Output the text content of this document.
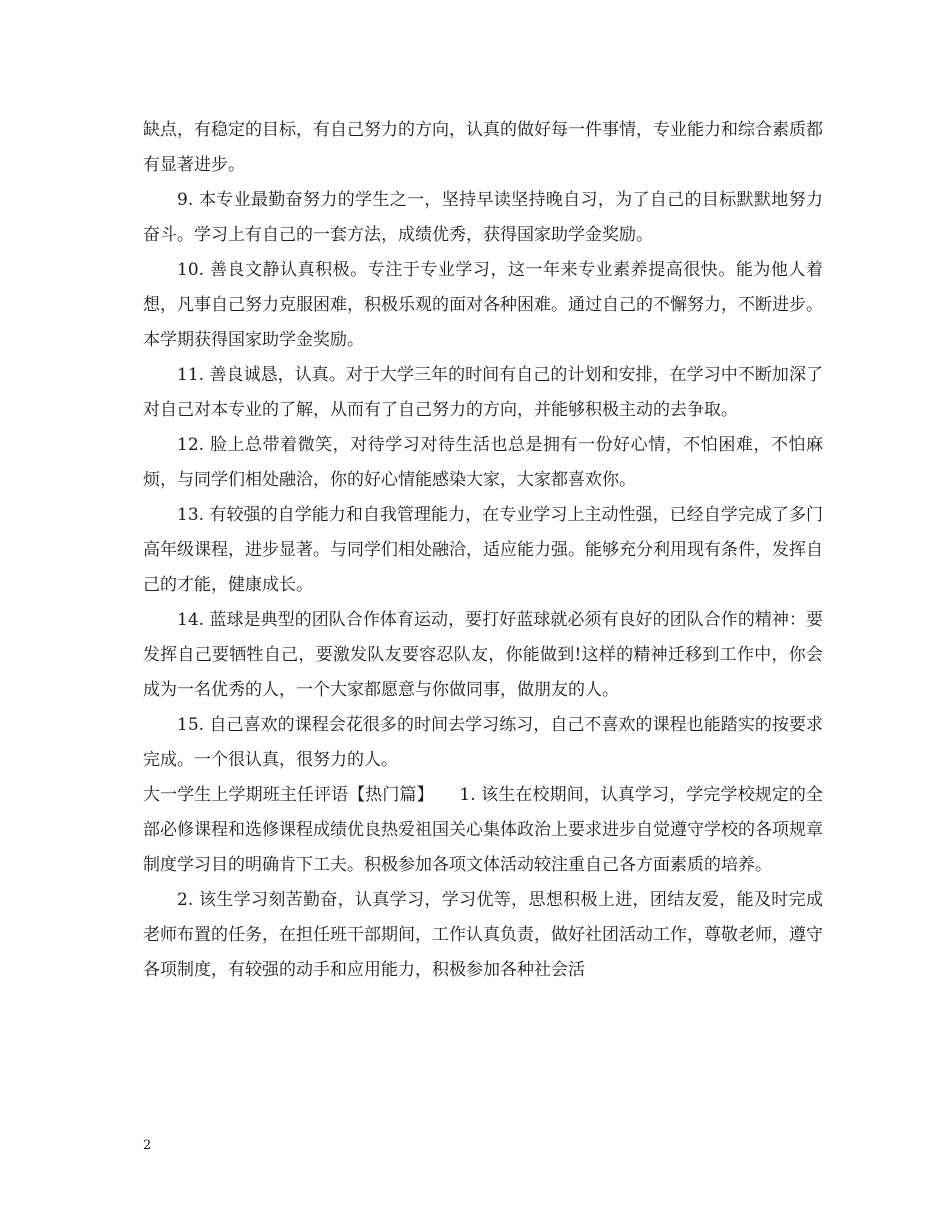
缺点，有稳定的目标，有自己努力的方向，认真的做好每一件事情，专业能力和综合素质都有显著进步。

9. 本专业最勤奋努力的学生之一，坚持早读坚持晚自习，为了自己的目标默默地努力奋斗。学习上有自己的一套方法，成绩优秀，获得国家助学金奖励。

10. 善良文静认真积极。专注于专业学习，这一年来专业素养提高很快。能为他人着想，凡事自己努力克服困难，积极乐观的面对各种困难。通过自己的不懈努力，不断进步。本学期获得国家助学金奖励。

11. 善良诚恳，认真。对于大学三年的时间有自己的计划和安排，在学习中不断加深了对自己对本专业的了解，从而有了自己努力的方向，并能够积极主动的去争取。

12. 脸上总带着微笑，对待学习对待生活也总是拥有一份好心情，不怕困难，不怕麻烦，与同学们相处融洽，你的好心情能感染大家，大家都喜欢你。

13. 有较强的自学能力和自我管理能力，在专业学习上主动性强，已经自学完成了多门高年级课程，进步显著。与同学们相处融洽，适应能力强。能够充分利用现有条件，发挥自己的才能，健康成长。

14. 蓝球是典型的团队合作体育运动，要打好蓝球就必须有良好的团队合作的精神：要发挥自己要牺牲自己，要激发队友要容忍队友，你能做到!这样的精神迁移到工作中，你会成为一名优秀的人，一个大家都愿意与你做同事，做朋友的人。

15. 自己喜欢的课程会花很多的时间去学习练习，自己不喜欢的课程也能踏实的按要求完成。一个很认真，很努力的人。

大一学生上学期班主任评语【热门篇】　　1. 该生在校期间，认真学习，学完学校规定的全部必修课程和选修课程成绩优良热爱祖国关心集体政治上要求进步自觉遵守学校的各项规章制度学习目的明确肯下工夫。积极参加各项文体活动较注重自己各方面素质的培养。

2. 该生学习刻苦勤奋，认真学习，学习优等，思想积极上进，团结友爱，能及时完成老师布置的任务，在担任班干部期间，工作认真负责，做好社团活动工作，尊敬老师，遵守各项制度，有较强的动手和应用能力，积极参加各种社会活

2
